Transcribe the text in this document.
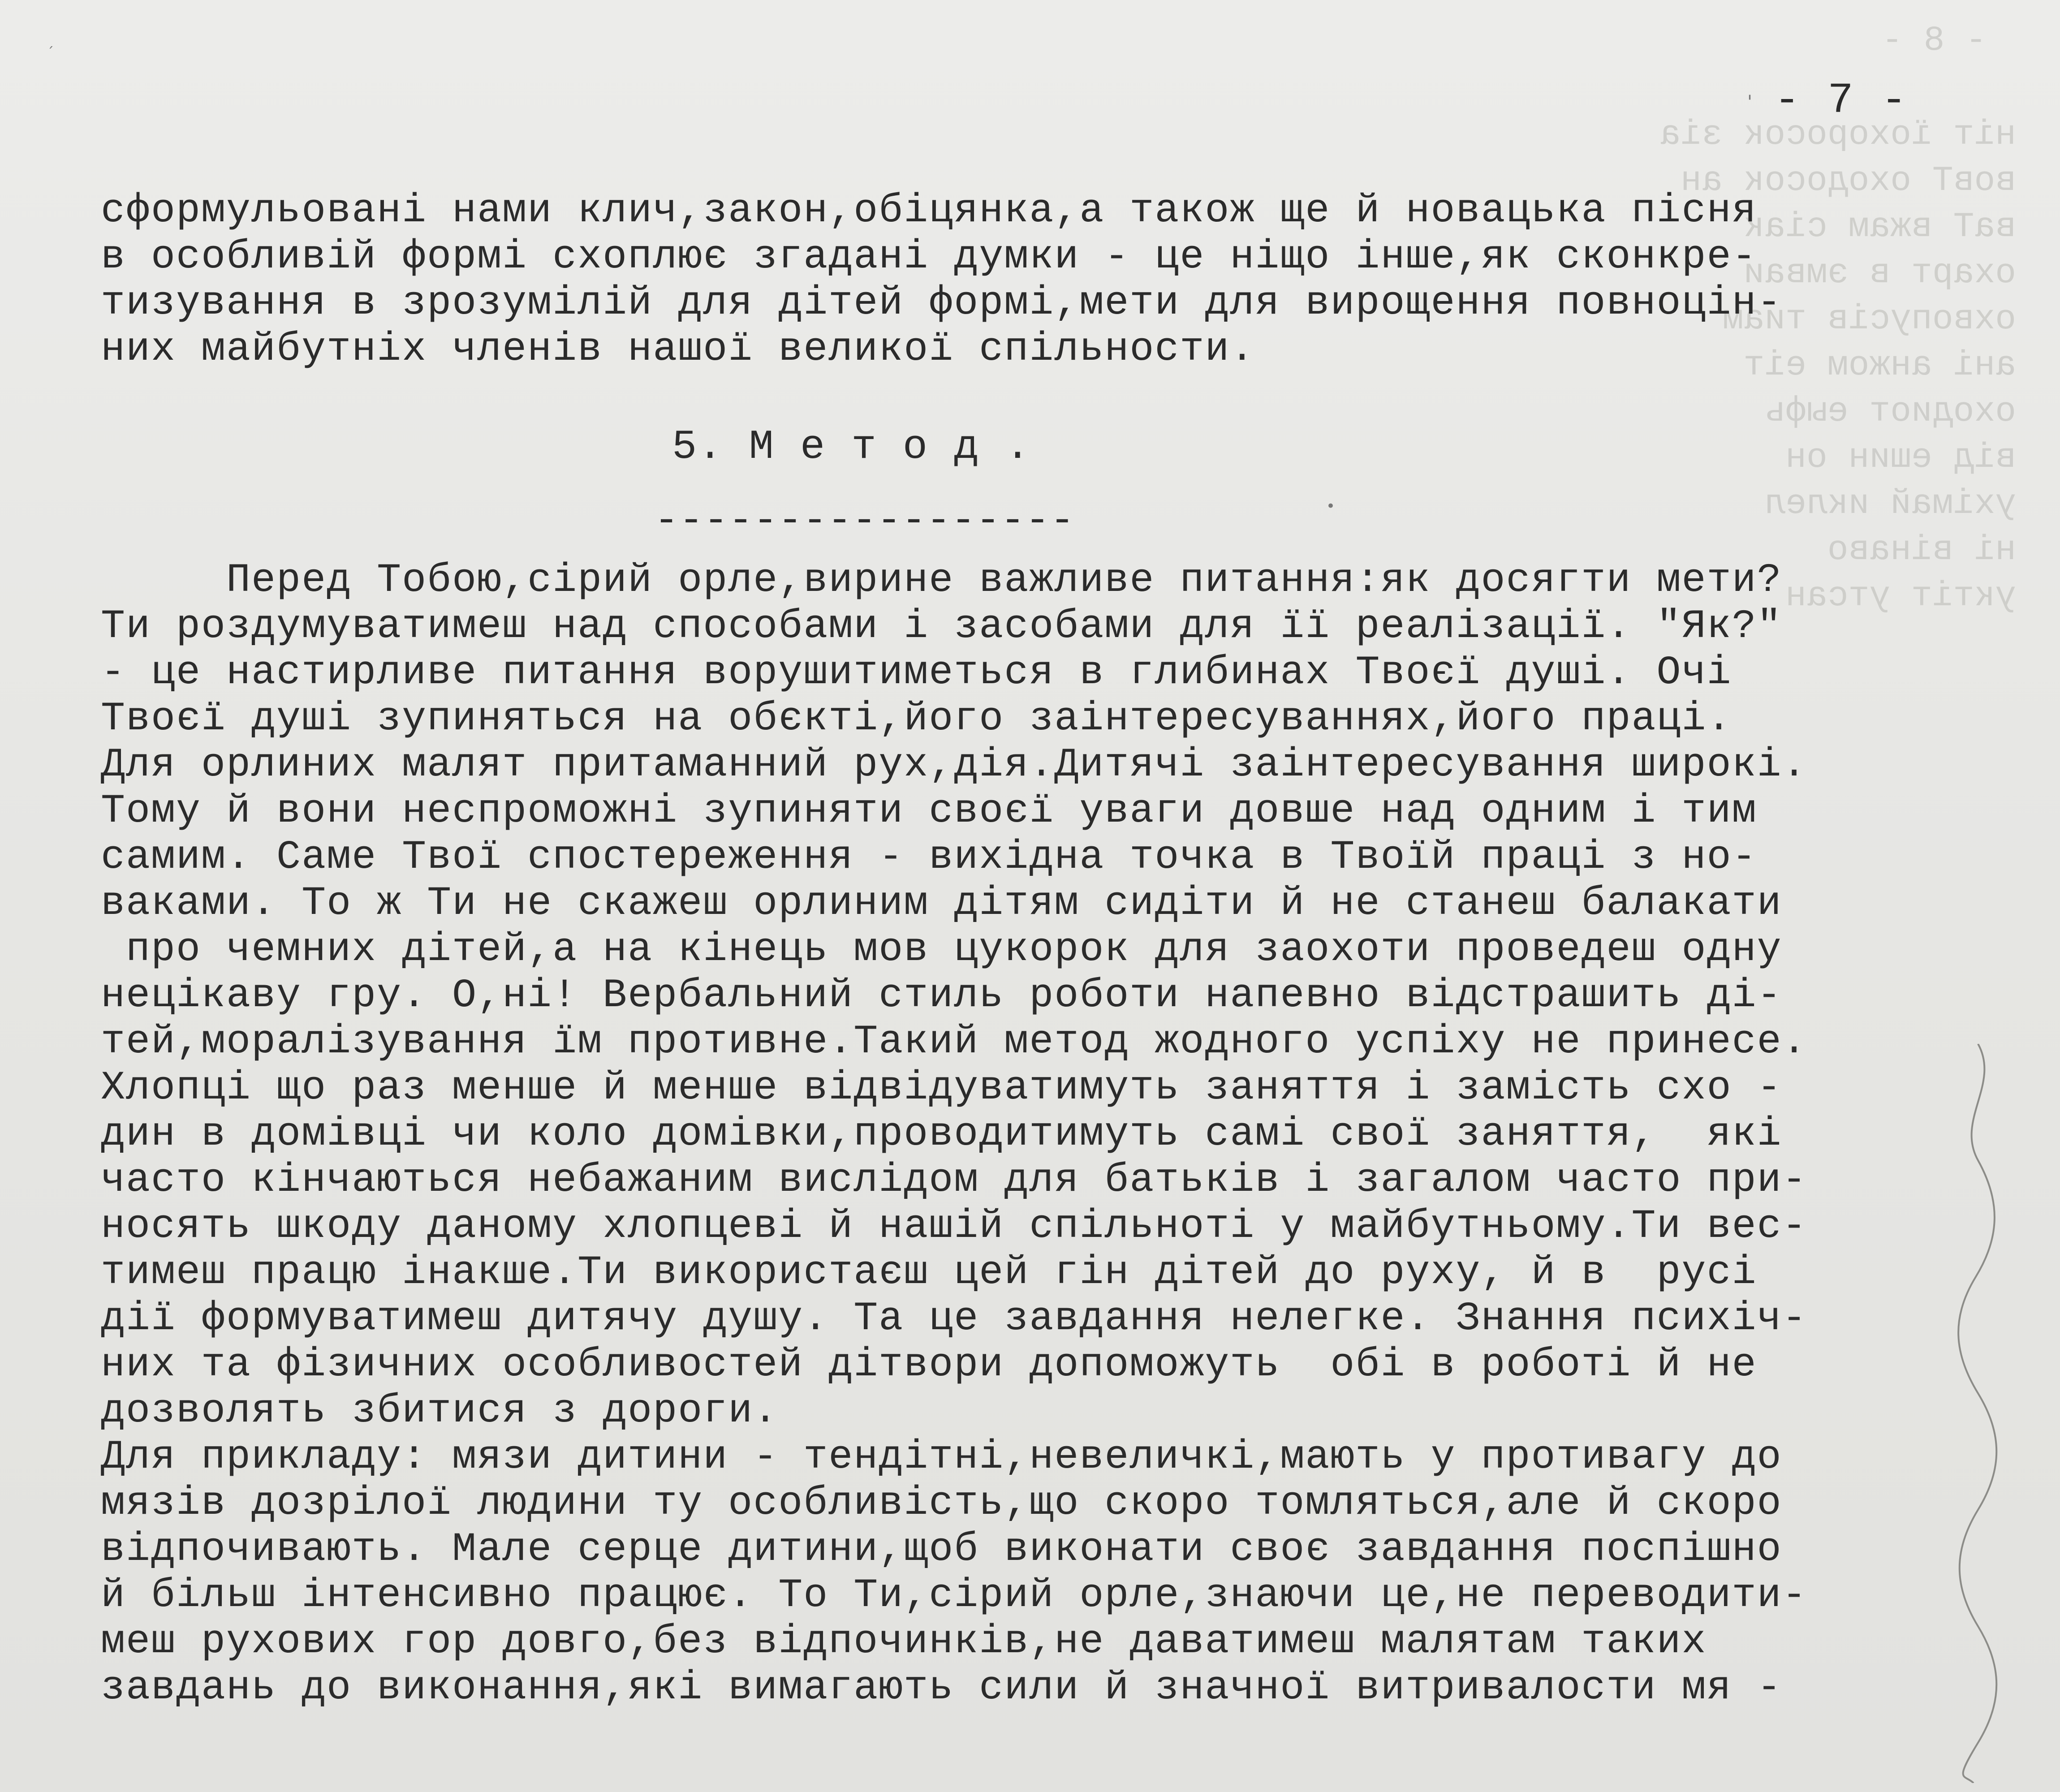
- 8 -
ніт їохоросок зіа
вовТ оходосок ан
ваТ вжам сіак
охарт в эмваи
охвопусів тиам
ані анжом еіт
оходиот еыфь
від ешин он
ухімай иклел
ні вінаво
уктіт утсан
ˊ
'
•
- 7 -
сформульовані нами клич,закон,обіцянка,а також ще й новацька пісня
в особливій формі схоплює згадані думки - це ніщо інше,як сконкре-
тизування в зрозумілій для дітей формі,мети для вирощення повноцін-
них майбутніх членів нашої великої спільности.
5. М е т о д .
-----------------
Перед Тобою,сірий орле,вирине важливе питання:як досягти мети?
Ти роздумуватимеш над способами і засобами для її реалізації. "Як?"
- це настирливе питання ворушитиметься в глибинах Твоєї душі. Очі
Твоєї душі зупиняться на обєкті,його заінтересуваннях,його праці.
Для орлиних малят притаманний рух,дія.Дитячі заінтересування широкі.
Тому й вони неспроможні зупиняти своєї уваги довше над одним і тим
самим. Саме Твої спостереження - вихідна точка в Твоїй праці з но-
ваками. То ж Ти не скажеш орлиним дітям сидіти й не станеш балакати
про чемних дітей,а на кінець мов цукорок для заохоти проведеш одну
нецікаву гру. О,ні! Вербальний стиль роботи напевно відстрашить ді-
тей,моралізування їм противне.Такий метод жодного успіху не принесе.
Хлопці що раз менше й менше відвідуватимуть заняття і замість схо -
дин в домівці чи коло домівки,проводитимуть самі свої заняття,  які
часто кінчаються небажаним вислідом для батьків і загалом часто при-
носять шкоду даному хлопцеві й нашій спільноті у майбутньому.Ти вес-
тимеш працю інакше.Ти використаєш цей гін дітей до руху, й в  русі
дії формуватимеш дитячу душу. Та це завдання нелегке. Знання психіч-
них та фізичних особливостей дітвори допоможуть  обі в роботі й не
дозволять збитися з дороги.
Для прикладу: мязи дитини - тендітні,невеличкі,мають у противагу до
мязів дозрілої людини ту особливість,що скоро томляться,але й скоро
відпочивають. Мале серце дитини,щоб виконати своє завдання поспішно
й більш інтенсивно працює. То Ти,сірий орле,знаючи це,не переводити-
меш рухових гор довго,без відпочинків,не даватимеш малятам таких
завдань до виконання,які вимагають сили й значної витривалости мя -
